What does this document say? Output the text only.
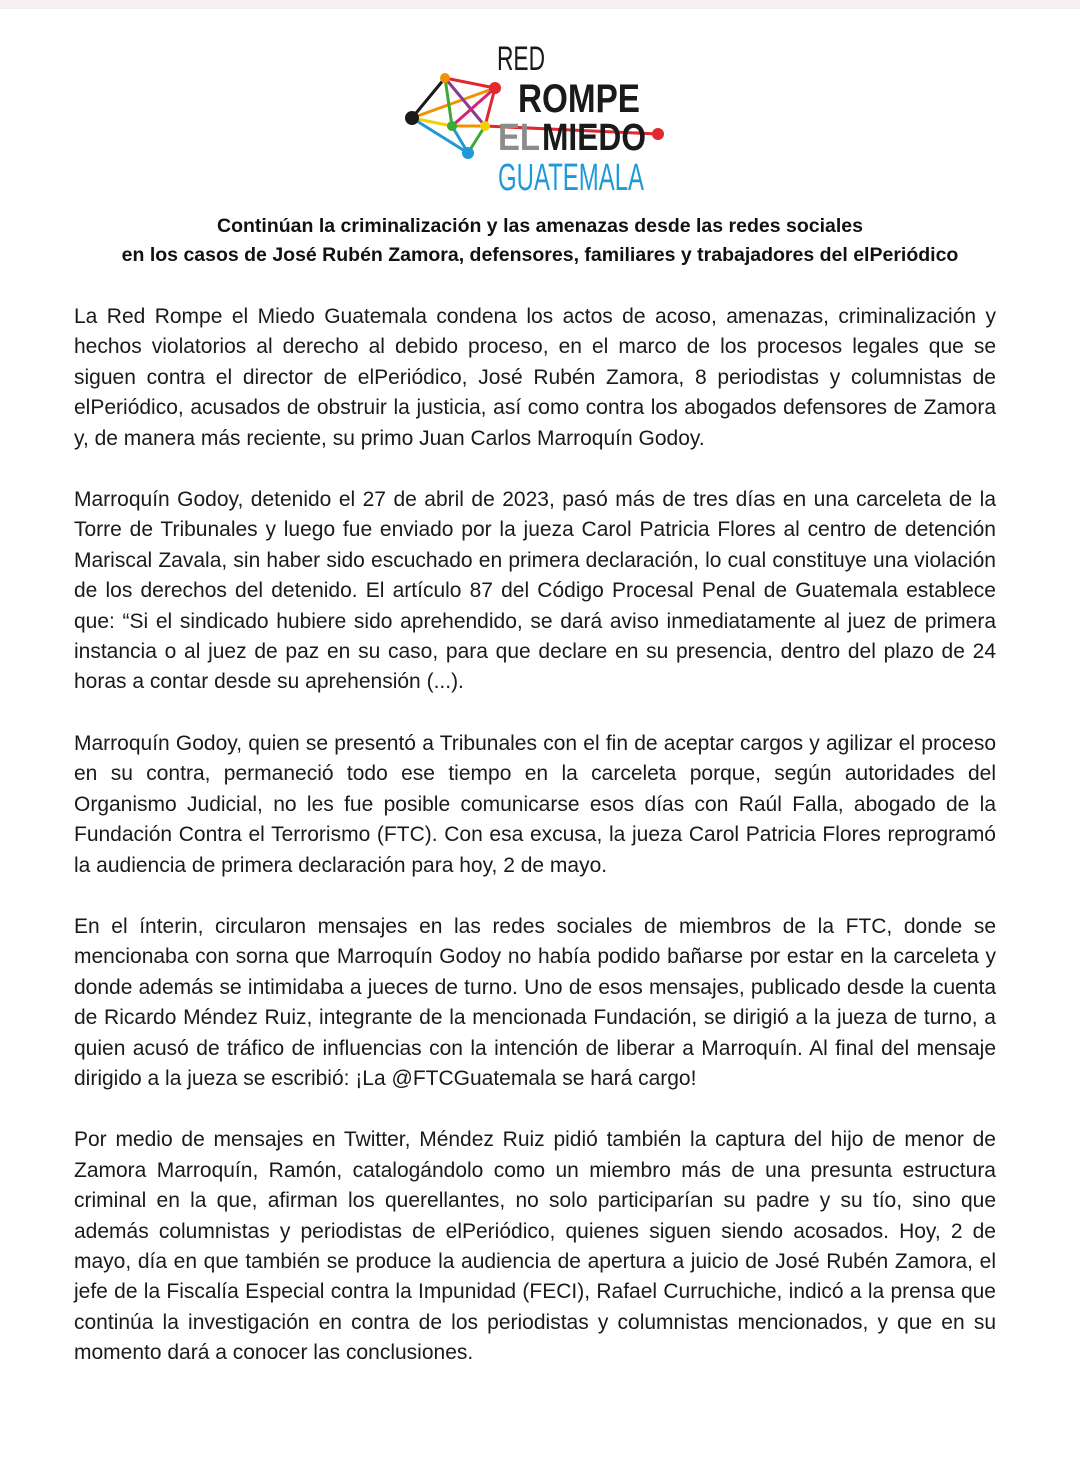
RED
ROMPE
EL MIEDO
GUATEMALA
Continúan la criminalización y las amenazas desde las redes sociales
en los casos de José Rubén Zamora, defensores, familiares y trabajadores del elPeriódico

La Red Rompe el Miedo Guatemala condena los actos de acoso, amenazas, criminalización y hechos violatorios al derecho al debido proceso, en el marco de los procesos legales que se siguen contra el director de elPeriódico, José Rubén Zamora, 8 periodistas y columnistas de elPeriódico, acusados de obstruir la justicia, así como contra los abogados defensores de Zamora y, de manera más reciente, su primo Juan Carlos Marroquín Godoy.

Marroquín Godoy, detenido el 27 de abril de 2023, pasó más de tres días en una carceleta de la Torre de Tribunales y luego fue enviado por la jueza Carol Patricia Flores al centro de detención Mariscal Zavala, sin haber sido escuchado en primera declaración, lo cual constituye una violación de los derechos del detenido. El artículo 87 del Código Procesal Penal de Guatemala establece que: “Si el sindicado hubiere sido aprehendido, se dará aviso inmediatamente al juez de primera instancia o al juez de paz en su caso, para que declare en su presencia, dentro del plazo de 24 horas a contar desde su aprehensión (...).

Marroquín Godoy, quien se presentó a Tribunales con el fin de aceptar cargos y agilizar el proceso en su contra, permaneció todo ese tiempo en la carceleta porque, según autoridades del Organismo Judicial, no les fue posible comunicarse esos días con Raúl Falla, abogado de la Fundación Contra el Terrorismo (FTC). Con esa excusa, la jueza Carol Patricia Flores reprogramó la audiencia de primera declaración para hoy, 2 de mayo.

En el ínterin, circularon mensajes en las redes sociales de miembros de la FTC, donde se mencionaba con sorna que Marroquín Godoy no había podido bañarse por estar en la carceleta y donde además se intimidaba a jueces de turno. Uno de esos mensajes, publicado desde la cuenta de Ricardo Méndez Ruiz, integrante de la mencionada Fundación, se dirigió a la jueza de turno, a quien acusó de tráfico de influencias con la intención de liberar a Marroquín. Al final del mensaje dirigido a la jueza se escribió: ¡La @FTCGuatemala se hará cargo!

Por medio de mensajes en Twitter, Méndez Ruiz pidió también la captura del hijo de menor de Zamora Marroquín, Ramón, catalogándolo como un miembro más de una presunta estructura criminal en la que, afirman los querellantes, no solo participarían su padre y su tío, sino que además columnistas y periodistas de elPeriódico, quienes siguen siendo acosados. Hoy, 2 de mayo, día en que también se produce la audiencia de apertura a juicio de José Rubén Zamora, el jefe de la Fiscalía Especial contra la Impunidad (FECI), Rafael Curruchiche, indicó a la prensa que continúa la investigación en contra de los periodistas y columnistas mencionados, y que en su momento dará a conocer las conclusiones.
